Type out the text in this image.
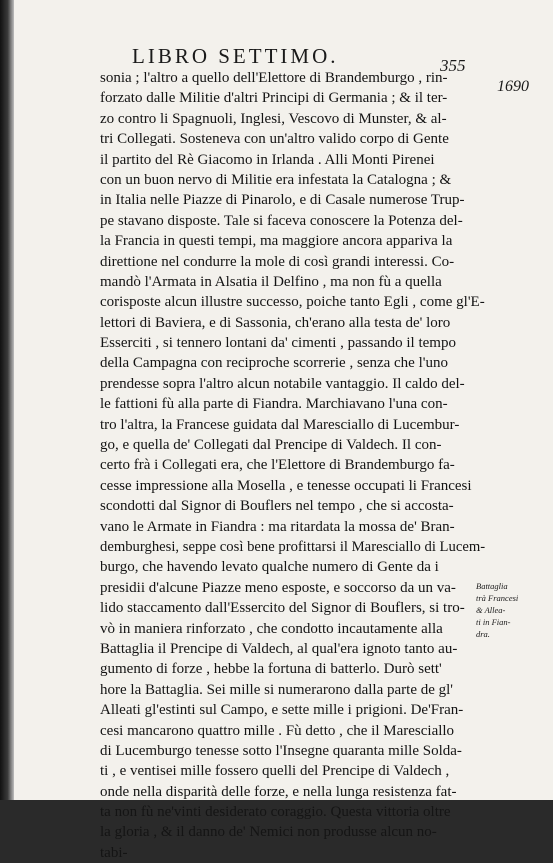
LIBRO SETTIMO.	355
1690
sonia ; l'altro a quello dell'Elettore di Brandemburgo , rin-
forzato dalle Militie d'altri Principi di Germania ; & il ter-
zo contro li Spagnuoli, Inglesi, Vescovo di Munster, & al-
tri Collegati. Sosteneva con un'altro valido corpo di Gente
il partito del Rè Giacomo in Irlanda . Alli Monti Pirenei
con un buon nervo di Militie era infestata la Catalogna ; &
in Italia nelle Piazze di Pinarolo, e di Casale numerose Trup-
pe stavano disposte. Tale si faceva conoscere la Potenza del-
la Francia in questi tempi, ma maggiore ancora appariva la
direttione nel condurre la mole di così grandi interessi. Co-
mandò l'Armata in Alsatia il Delfino , ma non fù a quella
corisposte alcun illustre successo, poiche tanto Egli , come gl'E-
lettori di Baviera, e di Sassonia, ch'erano alla testa de' loro
Esserciti , si tennero lontani da' cimenti , passando il tempo
della Campagna con reciproche scorrerie , senza che l'uno
prendesse sopra l'altro alcun notabile vantaggio. Il caldo del-
le fattioni fù alla parte di Fiandra. Marchiavano l'una con-
tro l'altra, la Francese guidata dal Maresciallo di Lucembur-
go, e quella de' Collegati dal Prencipe di Valdech. Il con-
certo frà i Collegati era, che l'Elettore di Brandemburgo fa-
cesse impressione alla Mosella , e tenesse occupati li Francesi
scondotti dal Signor di Bouflers nel tempo , che si accosta-
vano le Armate in Fiandra : ma ritardata la mossa de' Bran-
demburghesi, seppe così bene profittarsi il Maresciallo di Lucem-
burgo, che havendo levato qualche numero di Gente da i
presidii d'alcune Piazze meno esposte, e soccorso da un va-
lido staccamento dall'Essercito del Signor di Bouflers, si tro-
vò in maniera rinforzato , che condotto incautamente alla
Battaglia il Prencipe di Valdech, al qual'era ignoto tanto au-
gumento di forze , hebbe la fortuna di batterlo. Durò sett'
hore la Battaglia. Sei mille si numerarono dalla parte de gl'
Alleati gl'estinti sul Campo, e sette mille i prigioni. De'Fran-
cesi mancarono quattro mille . Fù detto , che il Maresciallo
di Lucemburgo tenesse sotto l'Insegne quaranta mille Solda-
ti , e ventisei mille fossero quelli del Prencipe di Valdech ,
onde nella disparità delle forze, e nella lunga resistenza fat-
ta non fù ne'vinti desiderato coraggio. Questa vittoria oltre
la gloria , & il danno de' Nemici non produsse alcun no-
tabi-
Battaglia
trà Francesi
& Allea-
ti in Fian-
dra.
